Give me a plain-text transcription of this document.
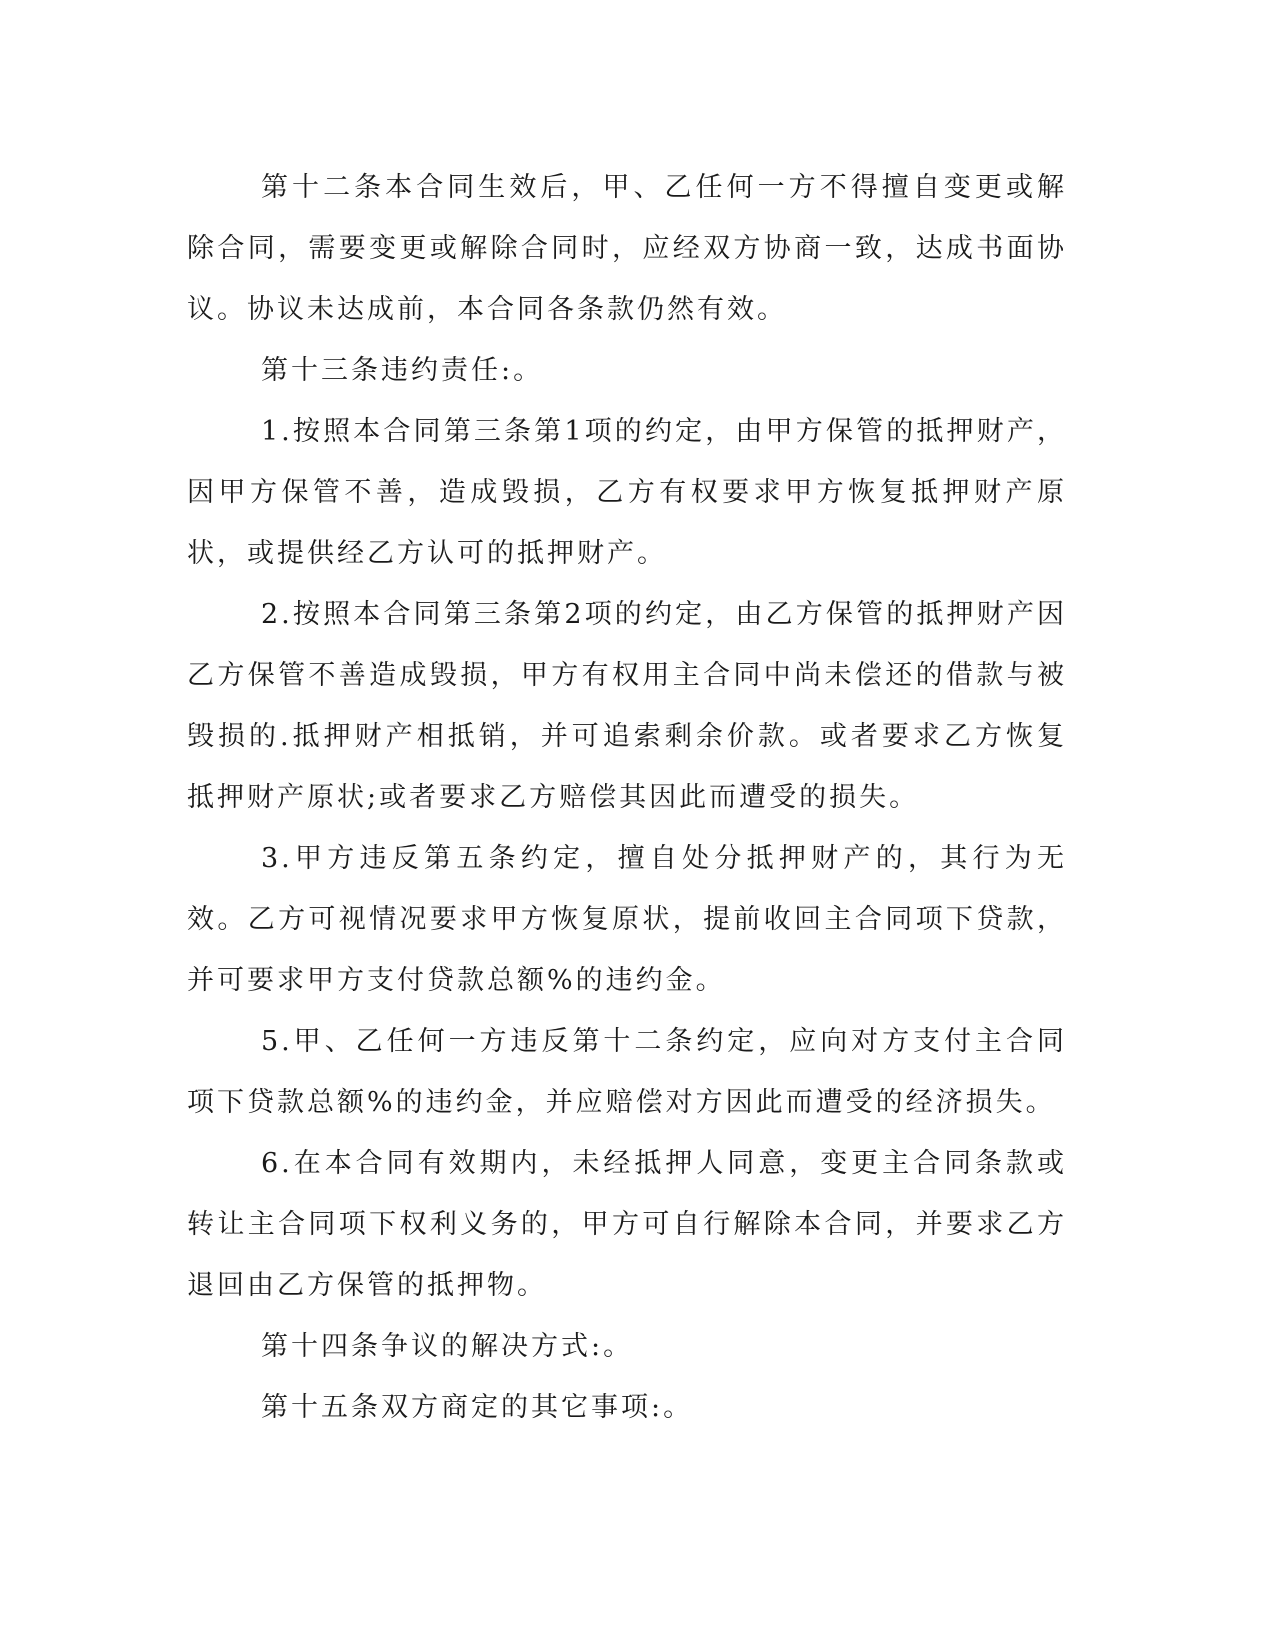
第十二条本合同生效后，甲、乙任何一方不得擅自变更或解除合同，需要变更或解除合同时，应经双方协商一致，达成书面协议。协议未达成前，本合同各条款仍然有效。

第十三条违约责任:。

1.按照本合同第三条第1项的约定，由甲方保管的抵押财产，因甲方保管不善，造成毁损，乙方有权要求甲方恢复抵押财产原状，或提供经乙方认可的抵押财产。

2.按照本合同第三条第2项的约定，由乙方保管的抵押财产因乙方保管不善造成毁损，甲方有权用主合同中尚未偿还的借款与被毁损的.抵押财产相抵销，并可追索剩余价款。或者要求乙方恢复抵押财产原状;或者要求乙方赔偿其因此而遭受的损失。

3.甲方违反第五条约定，擅自处分抵押财产的，其行为无效。乙方可视情况要求甲方恢复原状，提前收回主合同项下贷款，并可要求甲方支付贷款总额%的违约金。

5.甲、乙任何一方违反第十二条约定，应向对方支付主合同项下贷款总额%的违约金，并应赔偿对方因此而遭受的经济损失。

6.在本合同有效期内，未经抵押人同意，变更主合同条款或转让主合同项下权利义务的，甲方可自行解除本合同，并要求乙方退回由乙方保管的抵押物。

第十四条争议的解决方式:。

第十五条双方商定的其它事项:。
